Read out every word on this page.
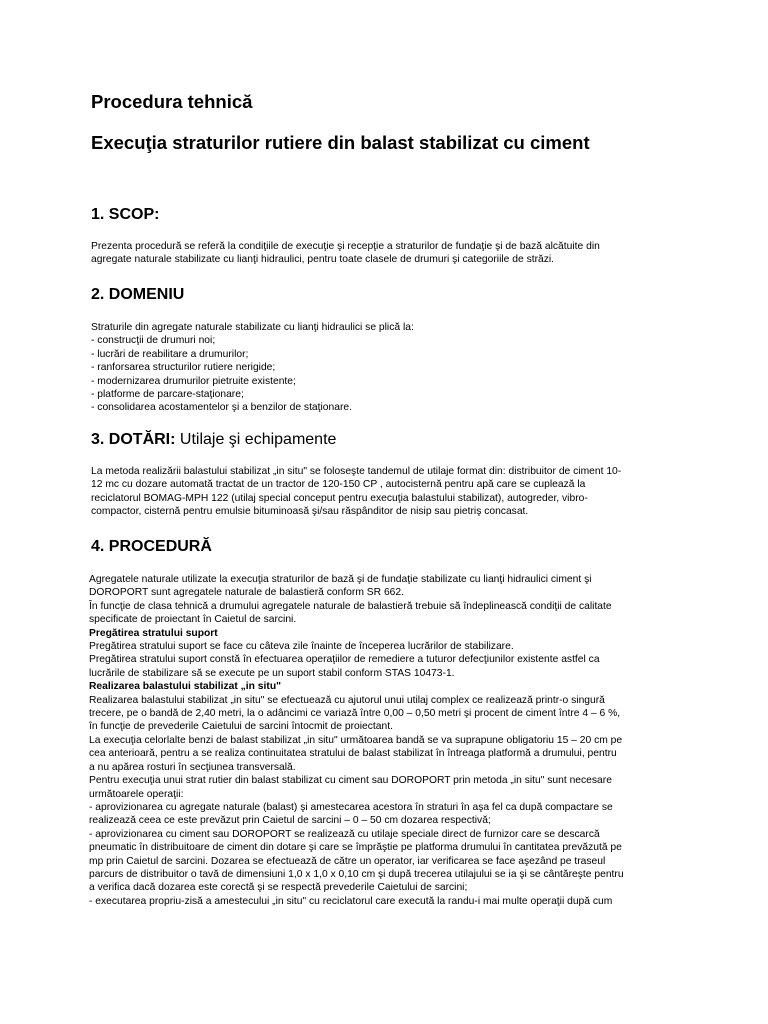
Procedura tehnică
Execuţia straturilor rutiere din balast stabilizat cu ciment
1. SCOP:
Prezenta procedură se referă la condiţiile de execuţie şi recepţie a straturilor de fundaţie şi de bază alcătuite din
agregate naturale stabilizate cu lianţi hidraulici, pentru toate clasele de drumuri şi categoriile de străzi.
2. DOMENIU
Straturile din agregate naturale stabilizate cu lianţi hidraulici se plică la:
- construcţii de drumuri noi;
- lucrări de reabilitare a drumurilor;
- ranforsarea structurilor rutiere nerigide;
- modernizarea drumurilor pietruite existente;
- platforme de parcare-staţionare;
- consolidarea acostamentelor şi a benzilor de staţionare.
3. DOTĂRI: Utilaje şi echipamente
La metoda realizării balastului stabilizat „in situ" se foloseşte tandemul de utilaje format din: distribuitor de ciment 10-
12 mc cu dozare automată tractat de un tractor de 120-150 CP , autocisternă pentru apă care se cuplează la
reciclatorul BOMAG-MPH 122 (utilaj special conceput pentru execuţia balastului stabilizat), autogreder, vibro-
compactor, cisternă pentru emulsie bituminoasă şi/sau răspânditor de nisip sau pietriş concasat.
4. PROCEDURĂ
Agregatele naturale utilizate la execuţia straturilor de bază şi de fundaţie stabilizate cu lianţi hidraulici ciment şi
DOROPORT sunt agregatele naturale de balastieră conform SR 662.
În funcţie de clasa tehnică a drumului agregatele naturale de balastieră trebuie să îndeplinească condiţii de calitate
specificate de proiectant în Caietul de sarcini.
Pregătirea stratului suport
Pregătirea stratului suport se face cu câteva zile înainte de începerea lucrărilor de stabilizare.
Pregătirea stratului suport constă în efectuarea operaţiilor de remediere a tuturor defecţiunilor existente astfel ca
lucrările de stabilizare să se execute pe un suport stabil conform STAS 10473-1.
Realizarea balastului stabilizat „in situ"
Realizarea balastului stabilizat „in situ" se efectuează cu ajutorul unui utilaj complex ce realizează printr-o singură
trecere, pe o bandă de 2,40 metri, la o adâncimi ce variază între 0,00 – 0,50 metri şi procent de ciment între 4 – 6 %,
în funcţie de prevederile Caietului de sarcini întocmit de proiectant.
La execuţia celorlalte benzi de balast stabilizat „in situ" următoarea bandă se va suprapune obligatoriu 15 – 20 cm pe
cea anterioară, pentru a se realiza continuitatea stratului de balast stabilizat în întreaga platformă a drumului, pentru
a nu apărea rosturi în secţiunea transversală.
Pentru execuţia unui strat rutier din balast stabilizat cu ciment sau DOROPORT prin metoda „in situ" sunt necesare
următoarele operaţii:
- aprovizionarea cu agregate naturale (balast) şi amestecarea acestora în straturi în aşa fel ca după compactare se
realizează ceea ce este prevăzut prin Caietul de sarcini – 0 – 50 cm dozarea respectivă;
- aprovizionarea cu ciment sau DOROPORT se realizează cu utilaje speciale direct de furnizor care se descarcă
pneumatic în distribuitoare de ciment din dotare şi care se împrăştie pe platforma drumului în cantitatea prevăzută pe
mp prin Caietul de sarcini. Dozarea se efectuează de către un operator, iar verificarea se face aşezând pe traseul
parcurs de distribuitor o tavă de dimensiuni 1,0 x 1,0 x 0,10 cm şi după trecerea utilajului se ia şi se cântăreşte pentru
a verifica dacă dozarea este corectă şi se respectă prevederile Caietului de sarcini;
- executarea propriu-zisă a amestecului „in situ" cu reciclatorul care execută la randu-i mai multe operaţii după cum
